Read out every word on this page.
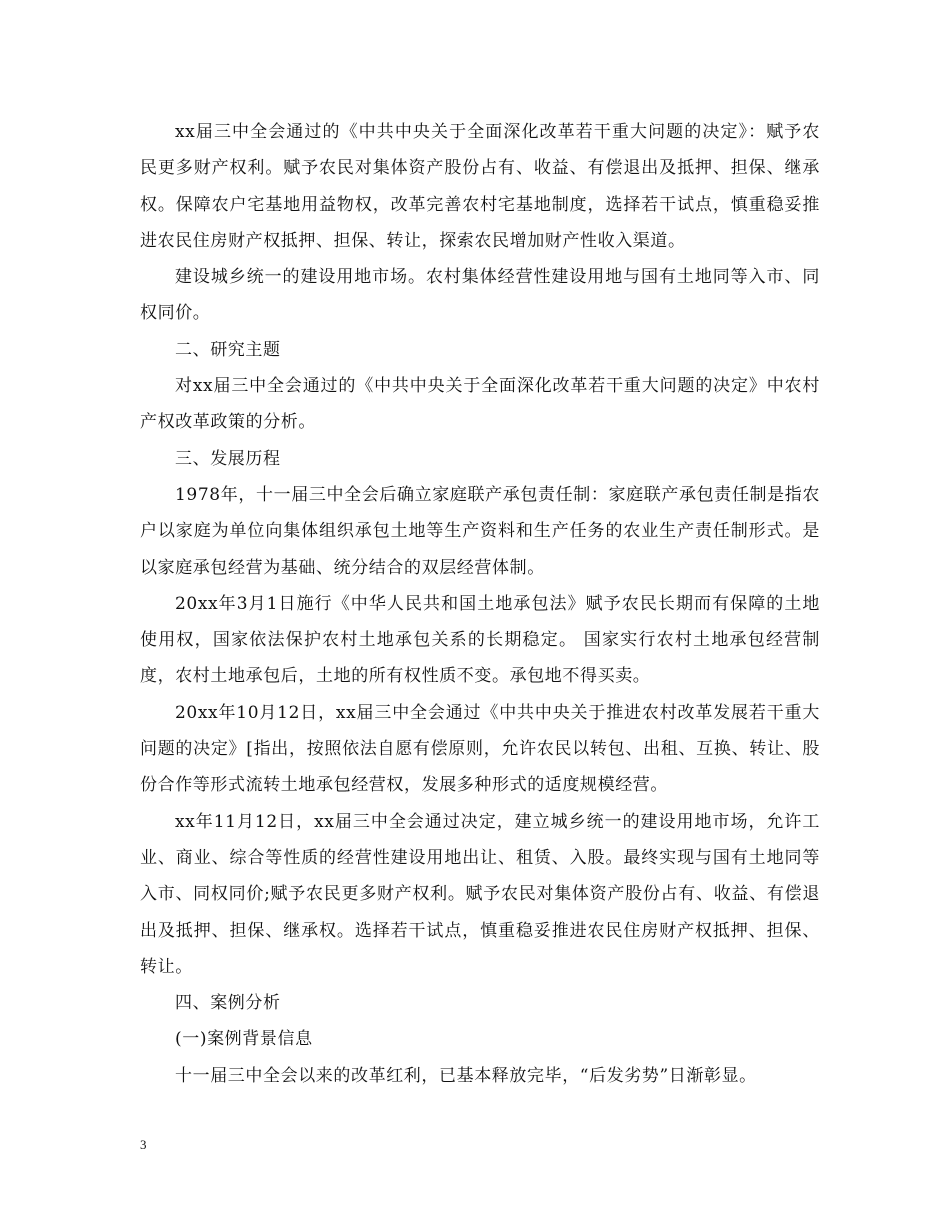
xx届三中全会通过的《中共中央关于全面深化改革若干重大问题的决定》：赋予农民更多财产权利。赋予农民对集体资产股份占有、收益、有偿退出及抵押、担保、继承权。保障农户宅基地用益物权，改革完善农村宅基地制度，选择若干试点，慎重稳妥推进农民住房财产权抵押、担保、转让，探索农民增加财产性收入渠道。

建设城乡统一的建设用地市场。农村集体经营性建设用地与国有土地同等入市、同权同价。

二、研究主题

对xx届三中全会通过的《中共中央关于全面深化改革若干重大问题的决定》中农村产权改革政策的分析。

三、发展历程

1978年，十一届三中全会后确立家庭联产承包责任制：家庭联产承包责任制是指农户以家庭为单位向集体组织承包土地等生产资料和生产任务的农业生产责任制形式。是以家庭承包经营为基础、统分结合的双层经营体制。

20xx年3月1日施行《中华人民共和国土地承包法》赋予农民长期而有保障的土地使用权，国家依法保护农村土地承包关系的长期稳定。 国家实行农村土地承包经营制度，农村土地承包后，土地的所有权性质不变。承包地不得买卖。

20xx年10月12日，xx届三中全会通过《中共中央关于推进农村改革发展若干重大问题的决定》[指出，按照依法自愿有偿原则，允许农民以转包、出租、互换、转让、股份合作等形式流转土地承包经营权，发展多种形式的适度规模经营。

xx年11月12日，xx届三中全会通过决定，建立城乡统一的建设用地市场，允许工业、商业、综合等性质的经营性建设用地出让、租赁、入股。最终实现与国有土地同等入市、同权同价;赋予农民更多财产权利。赋予农民对集体资产股份占有、收益、有偿退出及抵押、担保、继承权。选择若干试点，慎重稳妥推进农民住房财产权抵押、担保、转让。

四、案例分析

(一)案例背景信息

十一届三中全会以来的改革红利，已基本释放完毕，“后发劣势”日渐彰显。

3
